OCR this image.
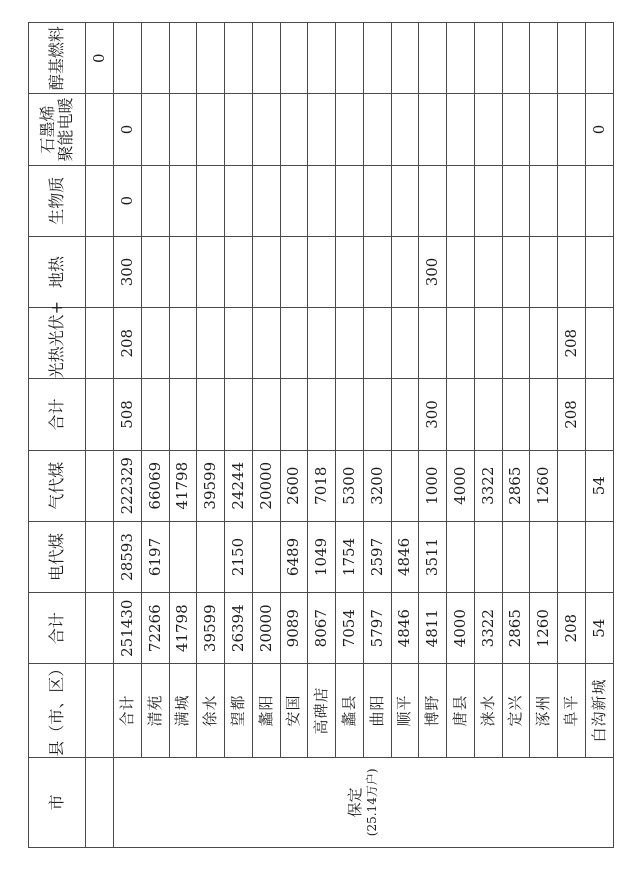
市	县（市、区）	合计	电代煤	气代煤	合计	光热光伏+	地热	生物质	石墨烯 聚能电暖	醇基燃料
										0

保定 (25.14万户)	合计	251430	28593	222329	508	208	300	0	0	
	清苑	72266	6197	66069						
	满城	41798		41798						
	徐水	39599		39599						
	望都	26394	2150	24244						
	蠡阳	20000		20000						
	安国	9089	6489	2600						
	高碑店	8067	1049	7018						
	蠡县	7054	1754	5300						
	曲阳	5797	2597	3200						
	顺平	4846	4846							
	博野	4811	3511	1000	300		300			
	唐县	4000		4000						
	涞水	3322		3322						
	定兴	2865		2865						
	涿州	1260		1260						
	阜平	208			208	208				
	白沟新城	54		54					0	
